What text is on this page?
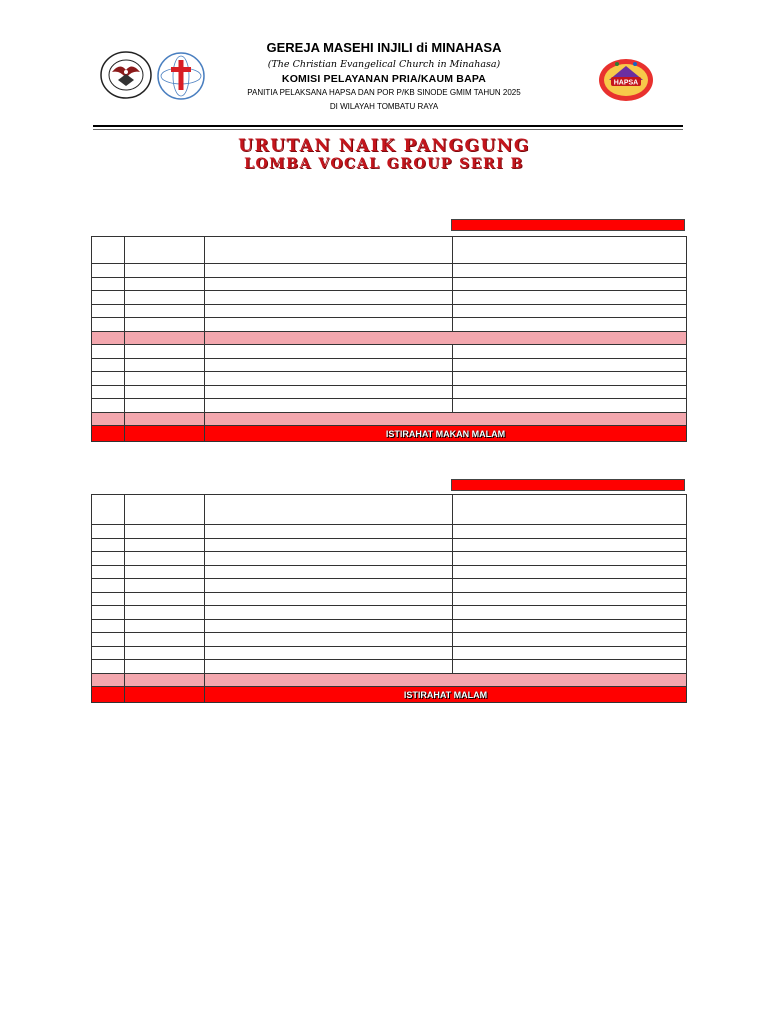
HAPSA
GEREJA MASEHI INJILI di MINAHASA
(The Christian Evangelical Church in Minahasa)
KOMISI PELAYANAN PRIA/KAUM BAPA
PANITIA PELAKSANA HAPSA DAN POR P/KB SINODE GMIM TAHUN 2025
DI WILAYAH TOMBATU RAYA
URUTAN NAIK PANGGUNG
LOMBA VOCAL GROUP SERI B

		ISTIRAHAT MAKAN MALAM	

		ISTIRAHAT MALAM	
